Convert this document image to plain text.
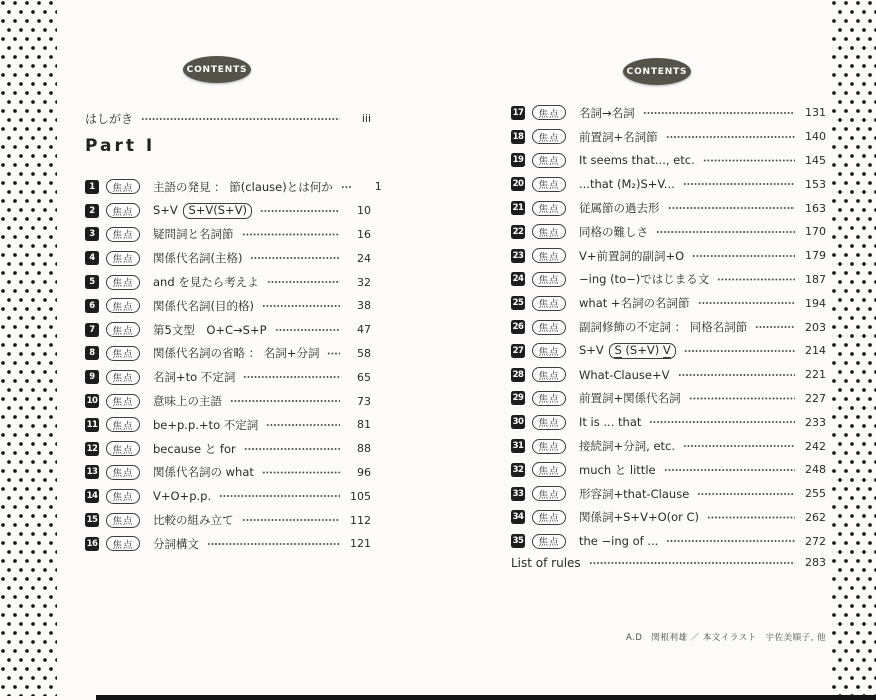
CONTENTS	CONTENTS
はしがき	iii
Part Ⅰ
1	焦点	主語の発見 ： 節(clause)とは何か	1
2	焦点	S+V S+V(S+V)	10
3	焦点	疑問詞と名詞節	16
4	焦点	関係代名詞(主格)	24
5	焦点	and を見たら考えよ	32
6	焦点	関係代名詞(目的格)	38
7	焦点	第5文型　O+C→S+P	47
8	焦点	関係代名詞の省略 ： 名詞+分詞	58
9	焦点	名詞+to 不定詞	65
10	焦点	意味上の主語	73
11	焦点	be+p.p.+to 不定詞	81
12	焦点	because と for	88
13	焦点	関係代名詞の what	96
14	焦点	V+O+p.p.	105
15	焦点	比較の組み立て	112
16	焦点	分詞構文	121
17	焦点	名詞→名詞	131
18	焦点	前置詞+名詞節	140
19	焦点	It seems that..., etc.	145
20	焦点	...that (M₂)S+V...	153
21	焦点	従属節の過去形	163
22	焦点	同格の難しさ	170
23	焦点	V+前置詞的副詞+O	179
24	焦点	−ing (to−)ではじまる文	187
25	焦点	what +名詞の名詞節	194
26	焦点	副詞修飾の不定詞 ： 同格名詞節	203
27	焦点	S+V S (S+V) V	214
28	焦点	What-Clause+V	221
29	焦点	前置詞+関係代名詞	227
30	焦点	It is ... that	233
31	焦点	接続詞+分詞, etc.	242
32	焦点	much と little	248
33	焦点	形容詞+that-Clause	255
34	焦点	関係詞+S+V+O(or C)	262
35	焦点	the −ing of ...	272
List of rules	283
A.D　関根利雄 ／ 本文イラスト　宇佐美順子, 他
